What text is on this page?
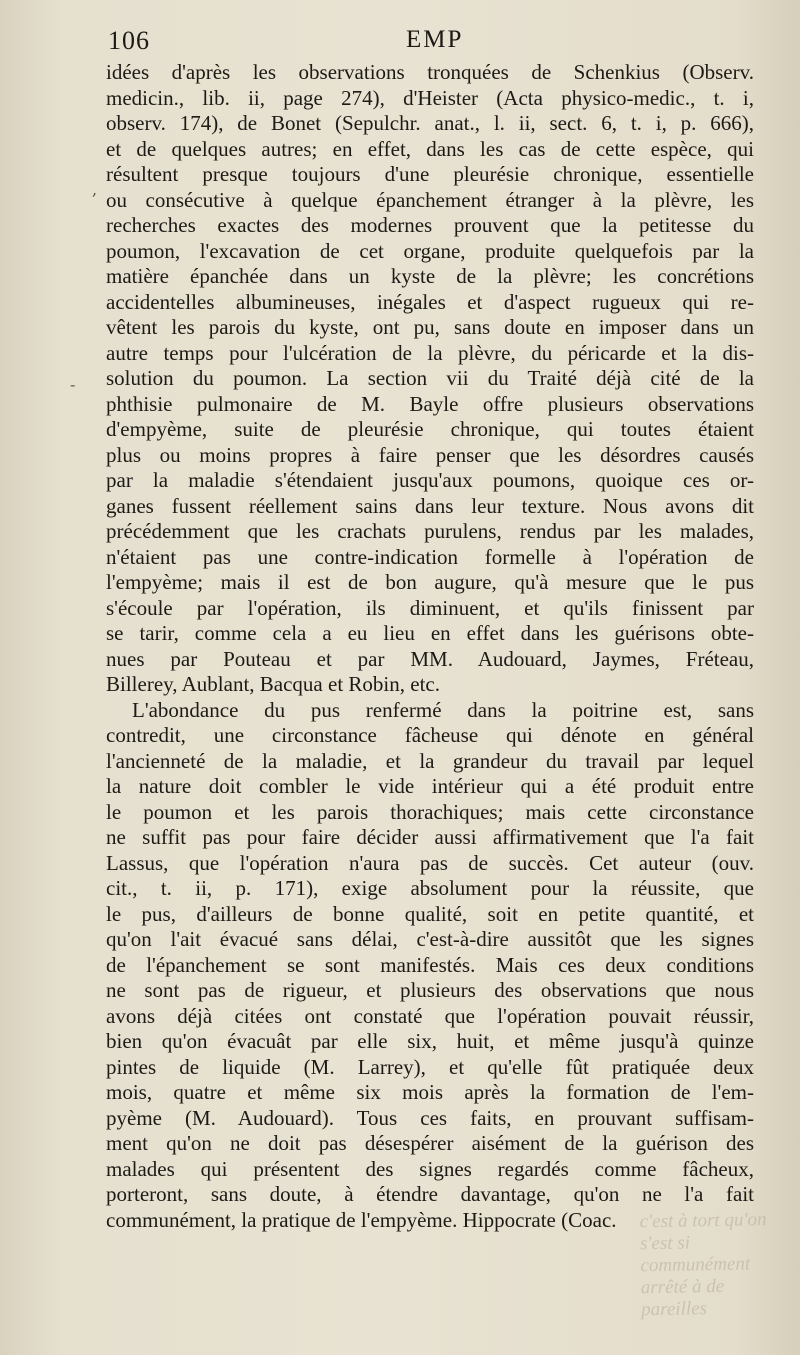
106	EMP
idées d'après les observations tronquées de Schenkius (Observ.
medicin., lib. ii, page 274), d'Heister (Acta physico-medic., t. i,
observ. 174), de Bonet (Sepulchr. anat., l. ii, sect. 6, t. i, p. 666),
et de quelques autres; en effet, dans les cas de cette espèce, qui
résultent presque toujours d'une pleurésie chronique, essentielle
ou consécutive à quelque épanchement étranger à la plèvre, les
recherches exactes des modernes prouvent que la petitesse du
poumon, l'excavation de cet organe, produite quelquefois par la
matière épanchée dans un kyste de la plèvre; les concrétions
accidentelles albumineuses, inégales et d'aspect rugueux qui re-
vêtent les parois du kyste, ont pu, sans doute en imposer dans un
autre temps pour l'ulcération de la plèvre, du péricarde et la dis-
solution du poumon. La section vii du Traité déjà cité de la
phthisie pulmonaire de M. Bayle offre plusieurs observations
d'empyème, suite de pleurésie chronique, qui toutes étaient
plus ou moins propres à faire penser que les désordres causés
par la maladie s'étendaient jusqu'aux poumons, quoique ces or-
ganes fussent réellement sains dans leur texture. Nous avons dit
précédemment que les crachats purulens, rendus par les malades,
n'étaient pas une contre-indication formelle à l'opération de
l'empyème; mais il est de bon augure, qu'à mesure que le pus
s'écoule par l'opération, ils diminuent, et qu'ils finissent par
se tarir, comme cela a eu lieu en effet dans les guérisons obte-
nues par Pouteau et par MM. Audouard, Jaymes, Fréteau,
Billerey, Aublant, Bacqua et Robin, etc.
L'abondance du pus renfermé dans la poitrine est, sans
contredit, une circonstance fâcheuse qui dénote en général
l'ancienneté de la maladie, et la grandeur du travail par lequel
la nature doit combler le vide intérieur qui a été produit entre
le poumon et les parois thorachiques; mais cette circonstance
ne suffit pas pour faire décider aussi affirmativement que l'a fait
Lassus, que l'opération n'aura pas de succès. Cet auteur (ouv.
cit., t. ii, p. 171), exige absolument pour la réussite, que
le pus, d'ailleurs de bonne qualité, soit en petite quantité, et
qu'on l'ait évacué sans délai, c'est-à-dire aussitôt que les signes
de l'épanchement se sont manifestés. Mais ces deux conditions
ne sont pas de rigueur, et plusieurs des observations que nous
avons déjà citées ont constaté que l'opération pouvait réussir,
bien qu'on évacuât par elle six, huit, et même jusqu'à quinze
pintes de liquide (M. Larrey), et qu'elle fût pratiquée deux
mois, quatre et même six mois après la formation de l'em-
pyème (M. Audouard). Tous ces faits, en prouvant suffisam-
ment qu'on ne doit pas désespérer aisément de la guérison des
malades qui présentent des signes regardés comme fâcheux,
porteront, sans doute, à étendre davantage, qu'on ne l'a fait
communément, la pratique de l'empyème. Hippocrate (Coac.	c'est à tort qu'on s'est si communément arrêté à de pareilles
,
-
